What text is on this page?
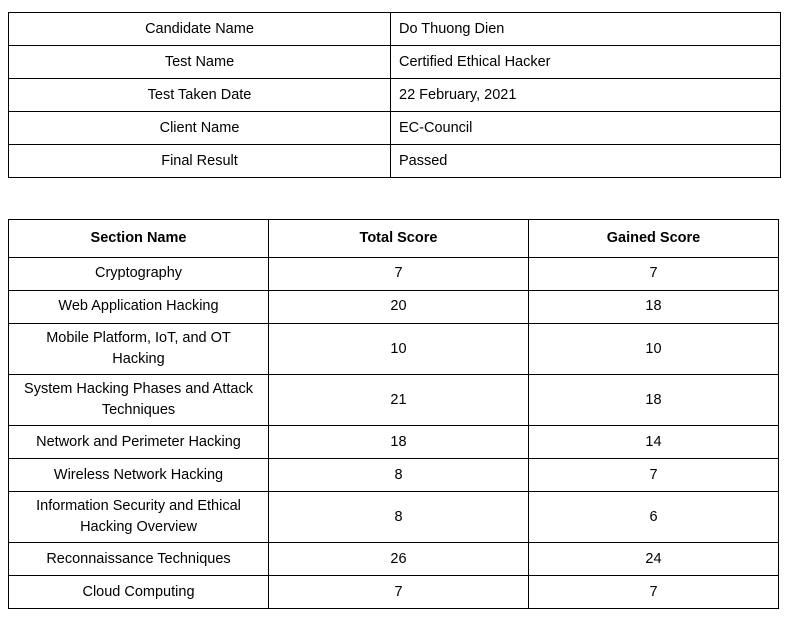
Candidate Name	Do Thuong Dien
Test Name	Certified Ethical Hacker
Test Taken Date	22 February, 2021
Client Name	EC-Council
Final Result	Passed
Section Name	Total Score	Gained Score
Cryptography	7	7
Web Application Hacking	20	18
Mobile Platform, IoT, and OT Hacking	10	10
System Hacking Phases and Attack Techniques	21	18
Network and Perimeter Hacking	18	14
Wireless Network Hacking	8	7
Information Security and Ethical Hacking Overview	8	6
Reconnaissance Techniques	26	24
Cloud Computing	7	7
